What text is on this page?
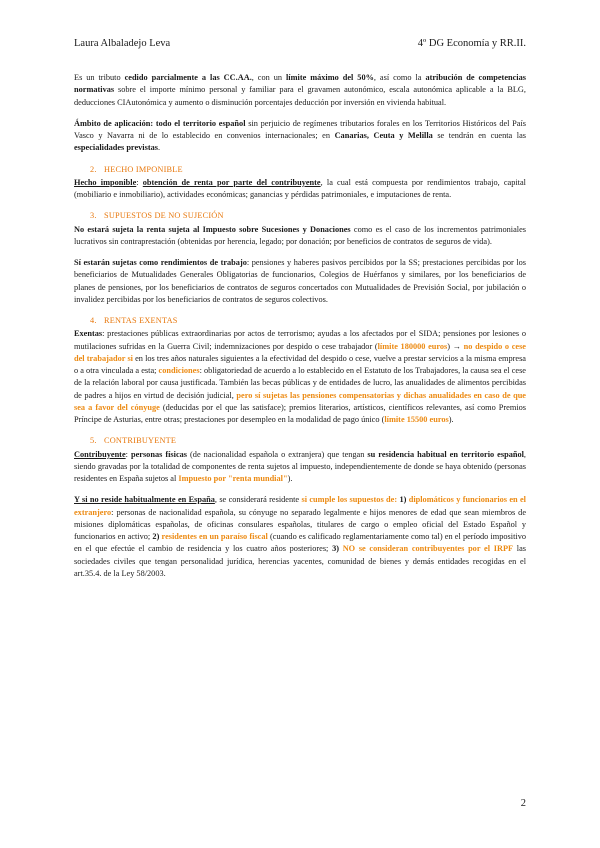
Laura Albaladejo Leva	4º DG Economía y RR.II.

Es un tributo cedido parcialmente a las CC.AA., con un límite máximo del 50%, así como la atribución de competencias normativas sobre el importe mínimo personal y familiar para el gravamen autonómico, escala autonómica aplicable a la BLG, deducciones CIAutonómica y aumento o disminución porcentajes deducción por inversión en vivienda habitual.

Ámbito de aplicación: todo el territorio español sin perjuicio de regímenes tributarios forales en los Territorios Históricos del País Vasco y Navarra ni de lo establecido en convenios internacionales; en Canarias, Ceuta y Melilla se tendrán en cuenta las especialidades previstas.

2. HECHO IMPONIBLE

Hecho imponible: obtención de renta por parte del contribuyente, la cual está compuesta por rendimientos trabajo, capital (mobiliario e inmobiliario), actividades económicas; ganancias y pérdidas patrimoniales, e imputaciones de renta.

3. SUPUESTOS DE NO SUJECIÓN

No estará sujeta la renta sujeta al Impuesto sobre Sucesiones y Donaciones como es el caso de los incrementos patrimoniales lucrativos sin contraprestación (obtenidas por herencia, legado; por donación; por beneficios de contratos de seguros de vida).

Sí estarán sujetas como rendimientos de trabajo: pensiones y haberes pasivos percibidos por la SS; prestaciones percibidas por los beneficiarios de Mutualidades Generales Obligatorias de funcionarios, Colegios de Huérfanos y similares, por los beneficiarios de planes de pensiones, por los beneficiarios de contratos de seguros concertados con Mutualidades de Previsión Social, por jubilación o invalidez percibidas por los beneficiarios de contratos de seguros colectivos.

4. RENTAS EXENTAS

Exentas: prestaciones públicas extraordinarias por actos de terrorismo; ayudas a los afectados por el SIDA; pensiones por lesiones o mutilaciones sufridas en la Guerra Civil; indemnizaciones por despido o cese trabajador (límite 180000 euros) → no despido o cese del trabajador si en los tres años naturales siguientes a la efectividad del despido o cese, vuelve a prestar servicios a la misma empresa o a otra vinculada a esta; condiciones: obligatoriedad de acuerdo a lo establecido en el Estatuto de los Trabajadores, la causa sea el cese de la relación laboral por causa justificada. También las becas públicas y de entidades de lucro, las anualidades de alimentos percibidas de padres a hijos en virtud de decisión judicial, pero sí sujetas las pensiones compensatorias y dichas anualidades en caso de que sea a favor del cónyuge (deducidas por el que las satisface); premios literarios, artísticos, científicos relevantes, así como Premios Príncipe de Asturias, entre otras; prestaciones por desempleo en la modalidad de pago único (límite 15500 euros).

5. CONTRIBUYENTE

Contribuyente: personas físicas (de nacionalidad española o extranjera) que tengan su residencia habitual en territorio español, siendo gravadas por la totalidad de componentes de renta sujetos al impuesto, independientemente de donde se haya obtenido (personas residentes en España sujetos al Impuesto por "renta mundial").

Y si no reside habitualmente en España, se considerará residente si cumple los supuestos de: 1) diplomáticos y funcionarios en el extranjero: personas de nacionalidad española, su cónyuge no separado legalmente e hijos menores de edad que sean miembros de misiones diplomáticas españolas, de oficinas consulares españolas, titulares de cargo o empleo oficial del Estado Español y funcionarios en activo; 2) residentes en un paraíso fiscal (cuando es calificado reglamentariamente como tal) en el período impositivo en el que efectúe el cambio de residencia y los cuatro años posteriores; 3) NO se consideran contribuyentes por el IRPF las sociedades civiles que tengan personalidad jurídica, herencias yacentes, comunidad de bienes y demás entidades recogidas en el art.35.4. de la Ley 58/2003.

2
